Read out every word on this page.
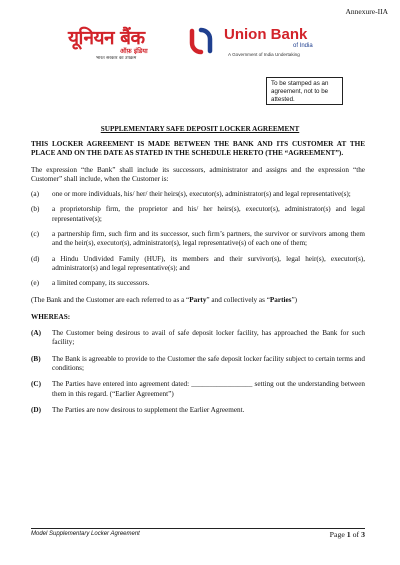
Annexure-IIA
यूनियन बैंक
ऑफ़ इंडिया
भारत सरकार का उपक्रम
Union Bank
of India
A Government of India Undertaking
To be stamped as an agreement, not to be attested.
SUPPLEMENTARY SAFE DEPOSIT LOCKER AGREEMENT

THIS LOCKER AGREEMENT IS MADE BETWEEN THE BANK AND ITS CUSTOMER AT THE PLACE AND ON THE DATE AS STATED IN THE SCHEDULE HERETO (THE “AGREEMENT”).

The expression “the Bank” shall include its successors, administrator and assigns and the expression “the Customer” shall include, when the Customer is:

(a)	one or more individuals, his/ her/ their heirs(s), executor(s), administrator(s) and legal representative(s);
(b)	a proprietorship firm, the proprietor and his/ her heirs(s), executor(s), administrator(s) and legal representative(s);
(c)	a partnership firm, such firm and its successor, such firm’s partners, the survivor or survivors among them and the heir(s), executor(s), administrator(s), legal representative(s) of each one of them;
(d)	a Hindu Undivided Family (HUF), its members and their survivor(s), legal heir(s), executor(s), administrator(s) and legal representative(s); and
(e)	a limited company, its successors.

(The Bank and the Customer are each referred to as a “Party” and collectively as “Parties”)

WHEREAS:

(A)	The Customer being desirous to avail of safe deposit locker facility, has approached the Bank for such facility;
(B)	The Bank is agreeable to provide to the Customer the safe deposit locker facility subject to certain terms and conditions;
(C)	The Parties have entered into agreement dated: _________________ setting out the understanding between them in this regard. (“Earlier Agreement”)
(D)	The Parties are now desirous to supplement the Earlier Agreement.
Model Supplementary Locker Agreement	Page 1 of 3
